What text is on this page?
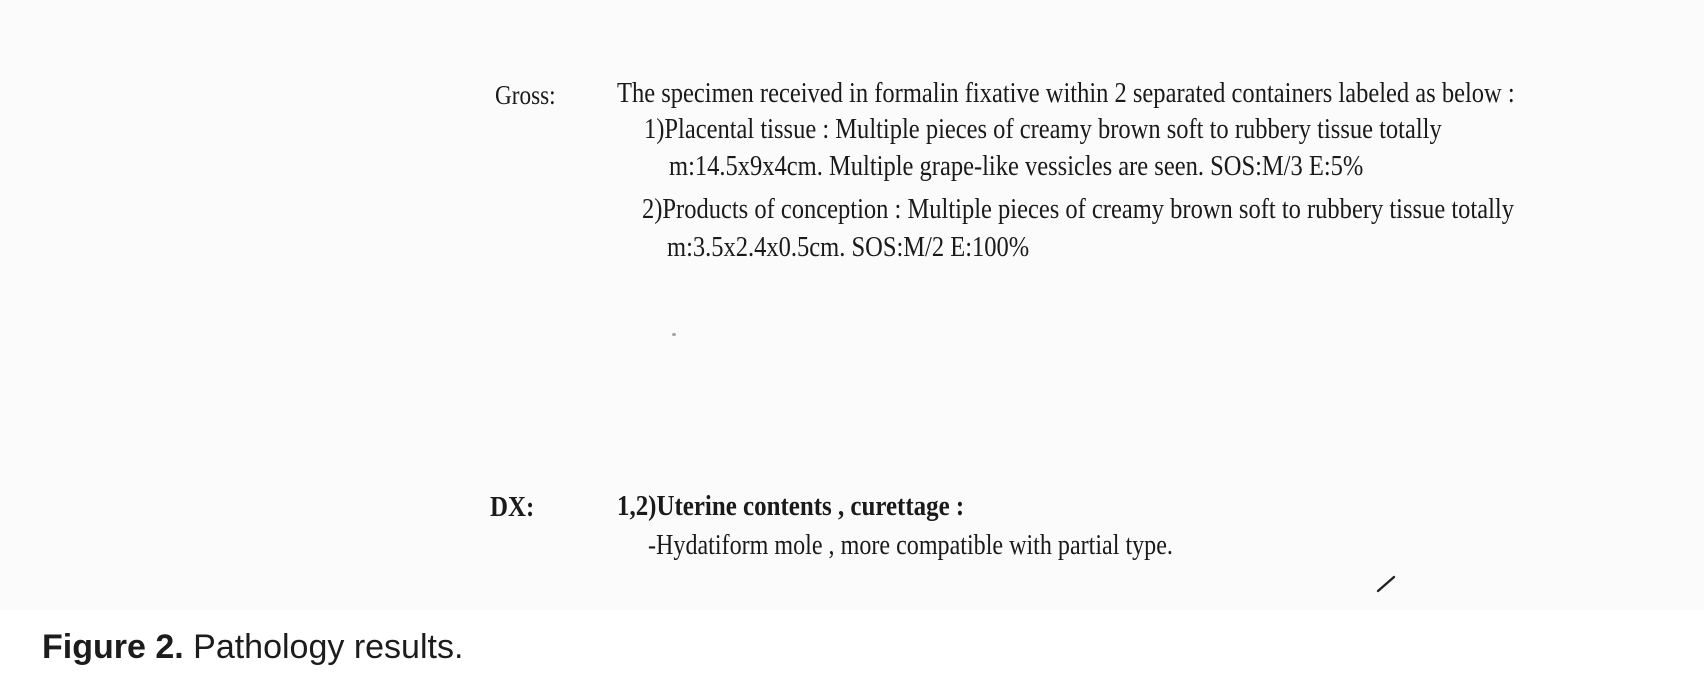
Gross: The specimen received in formalin fixative within 2 separated containers labeled as below :
1)Placental tissue : Multiple pieces of creamy brown soft to rubbery tissue totally
m:14.5x9x4cm. Multiple grape-like vessicles are seen. SOS:M/3 E:5%
2)Products of conception : Multiple pieces of creamy brown soft to rubbery tissue totally
m:3.5x2.4x0.5cm. SOS:M/2 E:100%
DX:	1,2)Uterine contents , curettage :
-Hydatiform mole , more compatible with partial type.
Figure 2. Pathology results.
